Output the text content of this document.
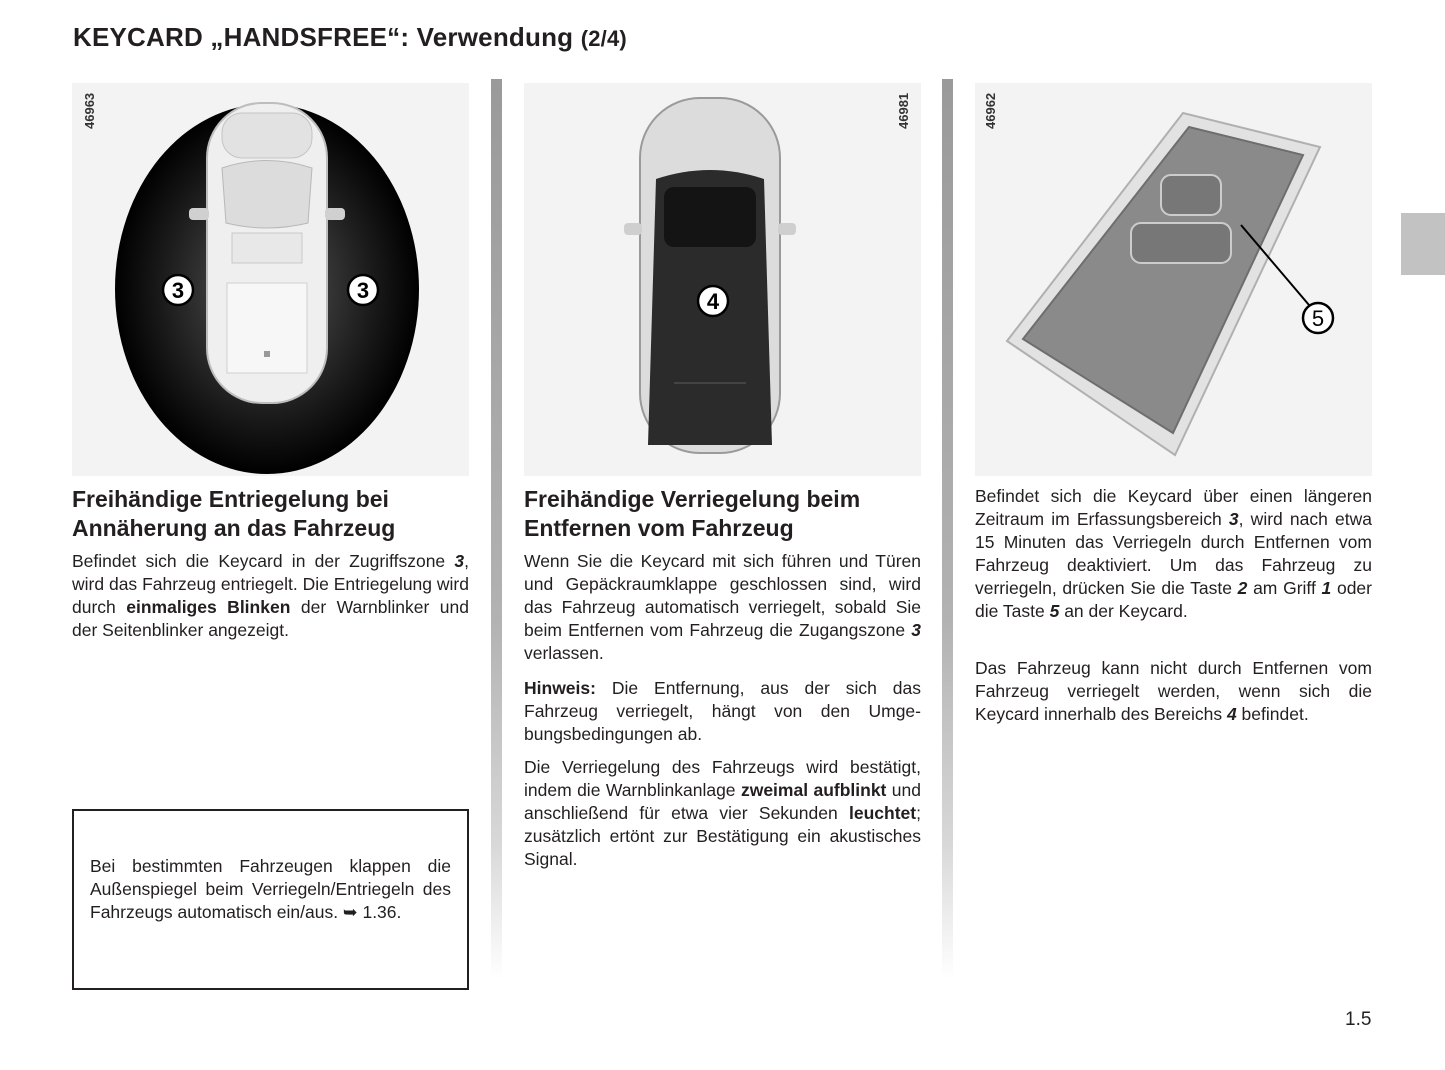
KEYCARD „HANDSFREE“: Verwendung (2/4)
46963
3	3	4
46981
5
46962
Freihändige Entriegelung bei Annäherung an das Fahrzeug

Befindet sich die Keycard in der Zugriffszone 3, wird das Fahrzeug entriegelt. Die Entriegelung wird durch einmaliges Blinken der Warnblinker und der Seitenblinker angezeigt.

Bei bestimmten Fahrzeugen klappen die Außenspiegel beim Verriegeln/Entriegeln des Fahrzeugs automatisch ein/aus. ➥ 1.36.

Freihändige Verriegelung beim Entfernen vom Fahrzeug

Wenn Sie die Keycard mit sich führen und Türen und Gepäckraumklappe geschlossen sind, wird das Fahrzeug automatisch verriegelt, sobald Sie beim Entfernen vom Fahrzeug die Zugangszone 3 verlassen.

Hinweis: Die Entfernung, aus der sich das Fahrzeug verriegelt, hängt von den Umgebungsbedingungen ab.

Die Verriegelung des Fahrzeugs wird bestätigt, indem die Warnblinkanlage zweimal aufblinkt und anschließend für etwa vier Sekunden leuchtet; zusätzlich ertönt zur Bestätigung ein akustisches Signal.

Befindet sich die Keycard über einen längeren Zeitraum im Erfassungsbereich 3, wird nach etwa 15 Minuten das Verriegeln durch Entfernen vom Fahrzeug deaktiviert. Um das Fahrzeug zu verriegeln, drücken Sie die Taste 2 am Griff 1 oder die Taste 5 an der Keycard.

Das Fahrzeug kann nicht durch Entfernen vom Fahrzeug verriegelt werden, wenn sich die Keycard innerhalb des Bereichs 4 befindet.

1.5
